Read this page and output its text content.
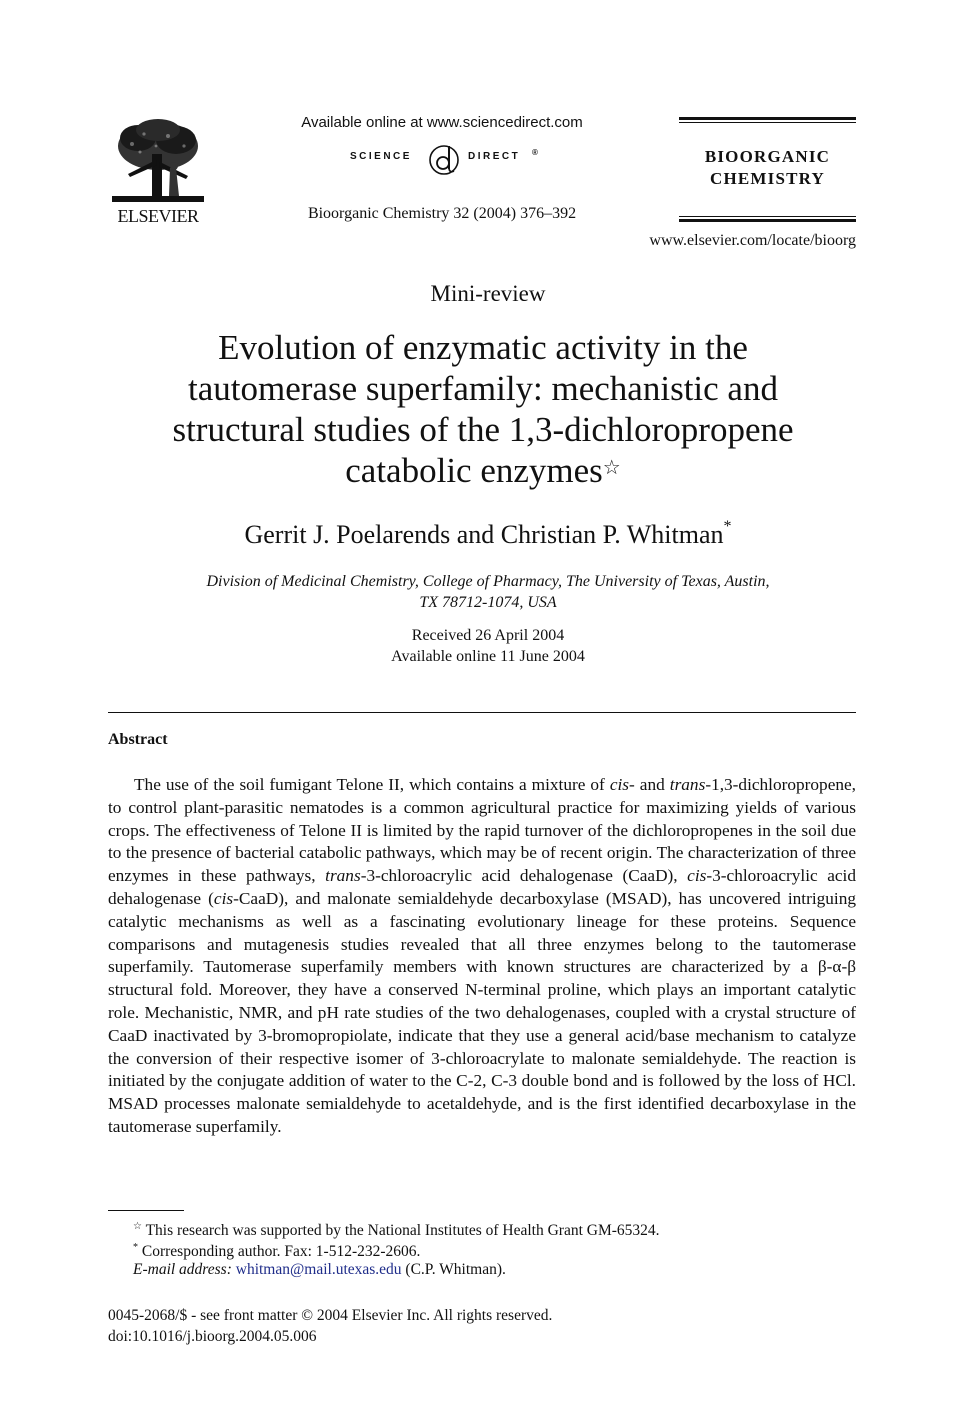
ELSEVIER
Available online at www.sciencedirect.com
SCIENCE	DIRECT ®
Bioorganic Chemistry 32 (2004) 376–392
BIOORGANIC
CHEMISTRY
www.elsevier.com/locate/bioorg
Mini-review
Evolution of enzymatic activity in the
tautomerase superfamily: mechanistic and
structural studies of the 1,3-dichloropropene
catabolic enzymes☆
Gerrit J. Poelarends and Christian P. Whitman*
Division of Medicinal Chemistry, College of Pharmacy, The University of Texas, Austin,
TX 78712-1074, USA
Received 26 April 2004
Available online 11 June 2004
Abstract
The use of the soil fumigant Telone II, which contains a mixture of cis- and trans-1,3-dichloropropene, to control plant-parasitic nematodes is a common agricultural practice for maximizing yields of various crops. The effectiveness of Telone II is limited by the rapid turnover of the dichloropropenes in the soil due to the presence of bacterial catabolic pathways, which may be of recent origin. The characterization of three enzymes in these pathways, trans-3-chloroacrylic acid dehalogenase (CaaD), cis-3-chloroacrylic acid dehalogenase (cis-CaaD), and malonate semialdehyde decarboxylase (MSAD), has uncovered intriguing catalytic mechanisms as well as a fascinating evolutionary lineage for these proteins. Sequence comparisons and mutagenesis studies revealed that all three enzymes belong to the tautomerase superfamily. Tautomerase superfamily members with known structures are characterized by a β-α-β structural fold. Moreover, they have a conserved N-terminal proline, which plays an important catalytic role. Mechanistic, NMR, and pH rate studies of the two dehalogenases, coupled with a crystal structure of CaaD inactivated by 3-bromopropiolate, indicate that they use a general acid/base mechanism to catalyze the conversion of their respective isomer of 3-chloroacrylate to malonate semialdehyde. The reaction is initiated by the conjugate addition of water to the C-2, C-3 double bond and is followed by the loss of HCl. MSAD processes malonate semialdehyde to acetaldehyde, and is the first identified decarboxylase in the tautomerase superfamily.
☆ This research was supported by the National Institutes of Health Grant GM-65324.
* Corresponding author. Fax: 1-512-232-2606.
E-mail address: whitman@mail.utexas.edu (C.P. Whitman).
0045-2068/$ - see front matter © 2004 Elsevier Inc. All rights reserved.
doi:10.1016/j.bioorg.2004.05.006
